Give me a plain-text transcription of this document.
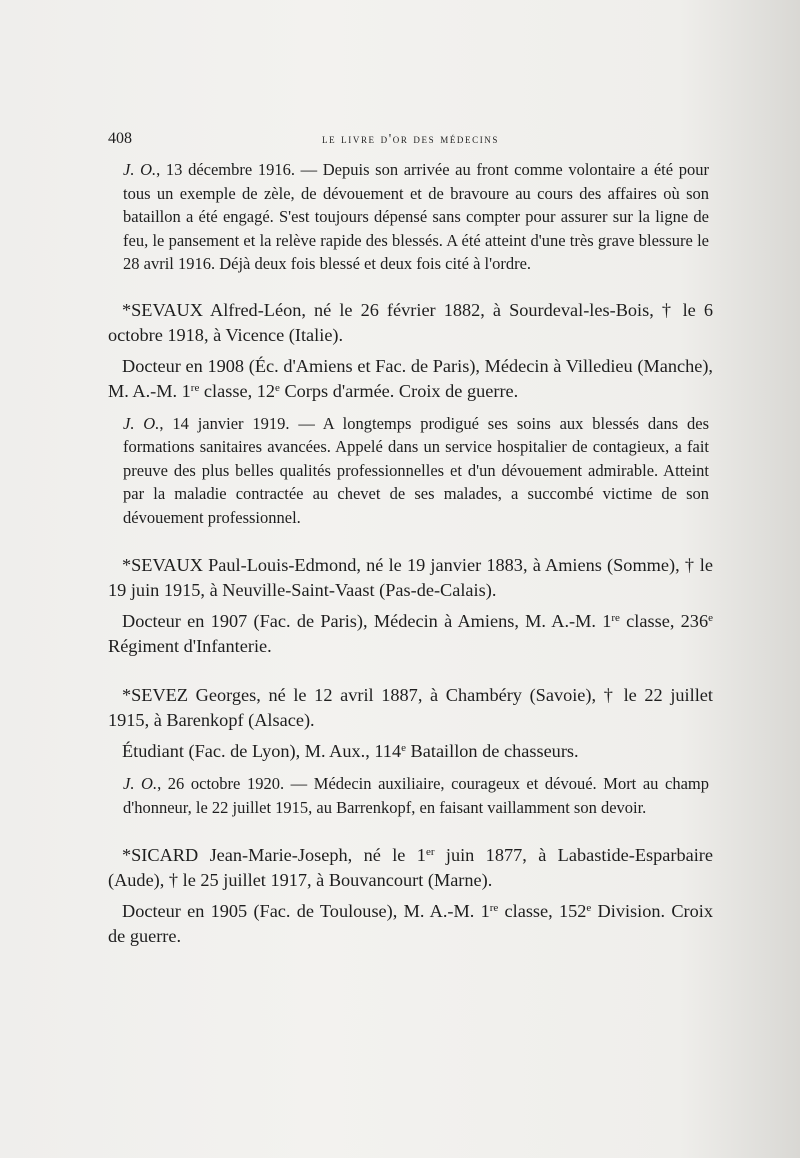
408	le livre d'or des médecins

J. O., 13 décembre 1916. — Depuis son arrivée au front comme volontaire a été pour tous un exemple de zèle, de dévouement et de bravoure au cours des affaires où son bataillon a été engagé. S'est toujours dépensé sans compter pour assurer sur la ligne de feu, le pansement et la relève rapide des blessés. A été atteint d'une très grave blessure le 28 avril 1916. Déjà deux fois blessé et deux fois cité à l'ordre.

*SEVAUX Alfred-Léon, né le 26 février 1882, à Sourdeval-les-Bois, † le 6 octobre 1918, à Vicence (Italie).

Docteur en 1908 (Éc. d'Amiens et Fac. de Paris), Médecin à Villedieu (Manche), M. A.-M. 1re classe, 12e Corps d'armée. Croix de guerre.

J. O., 14 janvier 1919. — A longtemps prodigué ses soins aux blessés dans des formations sanitaires avancées. Appelé dans un service hospitalier de contagieux, a fait preuve des plus belles qualités professionnelles et d'un dévouement admirable. Atteint par la maladie contractée au chevet de ses malades, a succombé victime de son dévouement professionnel.

*SEVAUX Paul-Louis-Edmond, né le 19 janvier 1883, à Amiens (Somme), † le 19 juin 1915, à Neuville-Saint-Vaast (Pas-de-Calais).

Docteur en 1907 (Fac. de Paris), Médecin à Amiens, M. A.-M. 1re classe, 236e Régiment d'Infanterie.

*SEVEZ Georges, né le 12 avril 1887, à Chambéry (Savoie), † le 22 juillet 1915, à Barenkopf (Alsace).

Étudiant (Fac. de Lyon), M. Aux., 114e Bataillon de chasseurs.

J. O., 26 octobre 1920. — Médecin auxiliaire, courageux et dévoué. Mort au champ d'honneur, le 22 juillet 1915, au Barrenkopf, en faisant vaillamment son devoir.

*SICARD Jean-Marie-Joseph, né le 1er juin 1877, à Labastide-Esparbaire (Aude), † le 25 juillet 1917, à Bouvancourt (Marne).

Docteur en 1905 (Fac. de Toulouse), M. A.-M. 1re classe, 152e Division. Croix de guerre.
